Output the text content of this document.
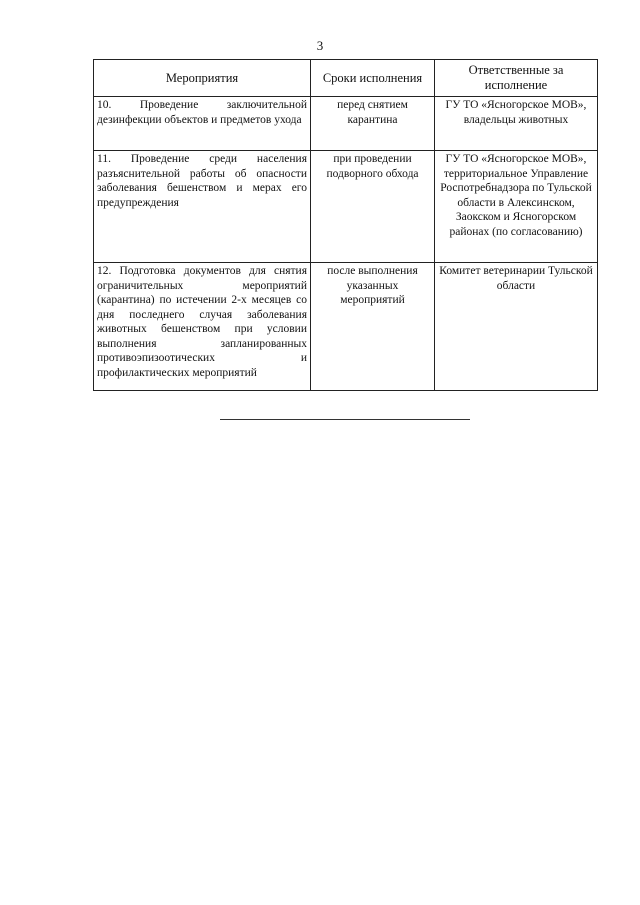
3
Мероприятия	Сроки исполнения	Ответственные за исполнение
10. Проведение заключительной дезинфекции объектов и предметов ухода	перед снятием карантина	ГУ ТО «Ясногорское МОВ», владельцы животных
11. Проведение среди населения разъяснительной работы об опасности заболевания бешенством и мерах его предупреждения	при проведении подворного обхода	ГУ ТО «Ясногорское МОВ», территориальное Управление Роспотребнадзора по Тульской области в Алексинском, Заокском и Ясногорском районах (по согласованию)
12. Подготовка документов для снятия ограничительных мероприятий (карантина) по истечении 2-х месяцев со дня последнего случая заболевания животных бешенством при условии выполнения запланированных противоэпизоотических и профилактических мероприятий	после выполнения указанных мероприятий	Комитет ветеринарии Тульской области
